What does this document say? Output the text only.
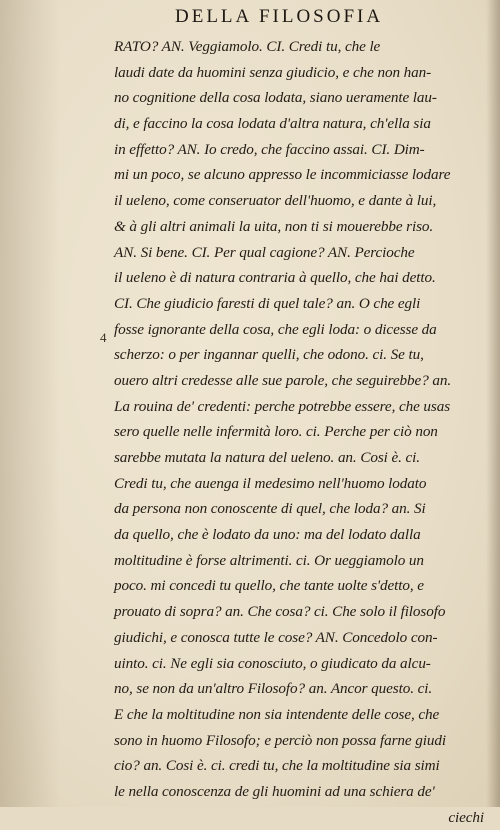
DELLA FILOSOFIA
4
RATO? AN. Veggiamolo. CI. Credi tu, che le
laudi date da huomini senza giudicio, e che non han-
no cognitione della cosa lodata, siano ueramente lau-
di, e faccino la cosa lodata d'altra natura, ch'ella sia
in effetto? AN. Io credo, che faccino assai. CI. Dim-
mi un poco, se alcuno appresso le incommiciasse lodare
il ueleno, come conseruator dell'huomo, e dante à lui,
& à gli altri animali la uita, non ti si mouerebbe riso.
AN. Si bene. CI. Per qual cagione? AN. Percioche
il ueleno è di natura contraria à quello, che hai detto.
CI. Che giudicio faresti di quel tale? an. O che egli
fosse ignorante della cosa, che egli loda: o dicesse da
scherzo: o per ingannar quelli, che odono. ci. Se tu,
ouero altri credesse alle sue parole, che seguirebbe? an.
La rouina de' credenti: perche potrebbe essere, che usas
sero quelle nelle infermità loro. ci. Perche per ciò non
sarebbe mutata la natura del ueleno. an. Cosi è. ci.
Credi tu, che auenga il medesimo nell'huomo lodato
da persona non conoscente di quel, che loda? an. Si
da quello, che è lodato da uno: ma del lodato dalla
moltitudine è forse altrimenti. ci. Or ueggiamolo un
poco. mi concedi tu quello, che tante uolte s'detto, e
prouato di sopra? an. Che cosa? ci. Che solo il filosofo
giudichi, e conosca tutte le cose? AN. Concedolo con-
uinto. ci. Ne egli sia conosciuto, o giudicato da alcu-
no, se non da un'altro Filosofo? an. Ancor questo. ci.
E che la moltitudine non sia intendente delle cose, che
sono in huomo Filosofo; e perciò non possa farne giudi
cio? an. Cosi è. ci. credi tu, che la moltitudine sia simi
le nella conoscenza de gli huomini ad una schiera de'
ciechi
